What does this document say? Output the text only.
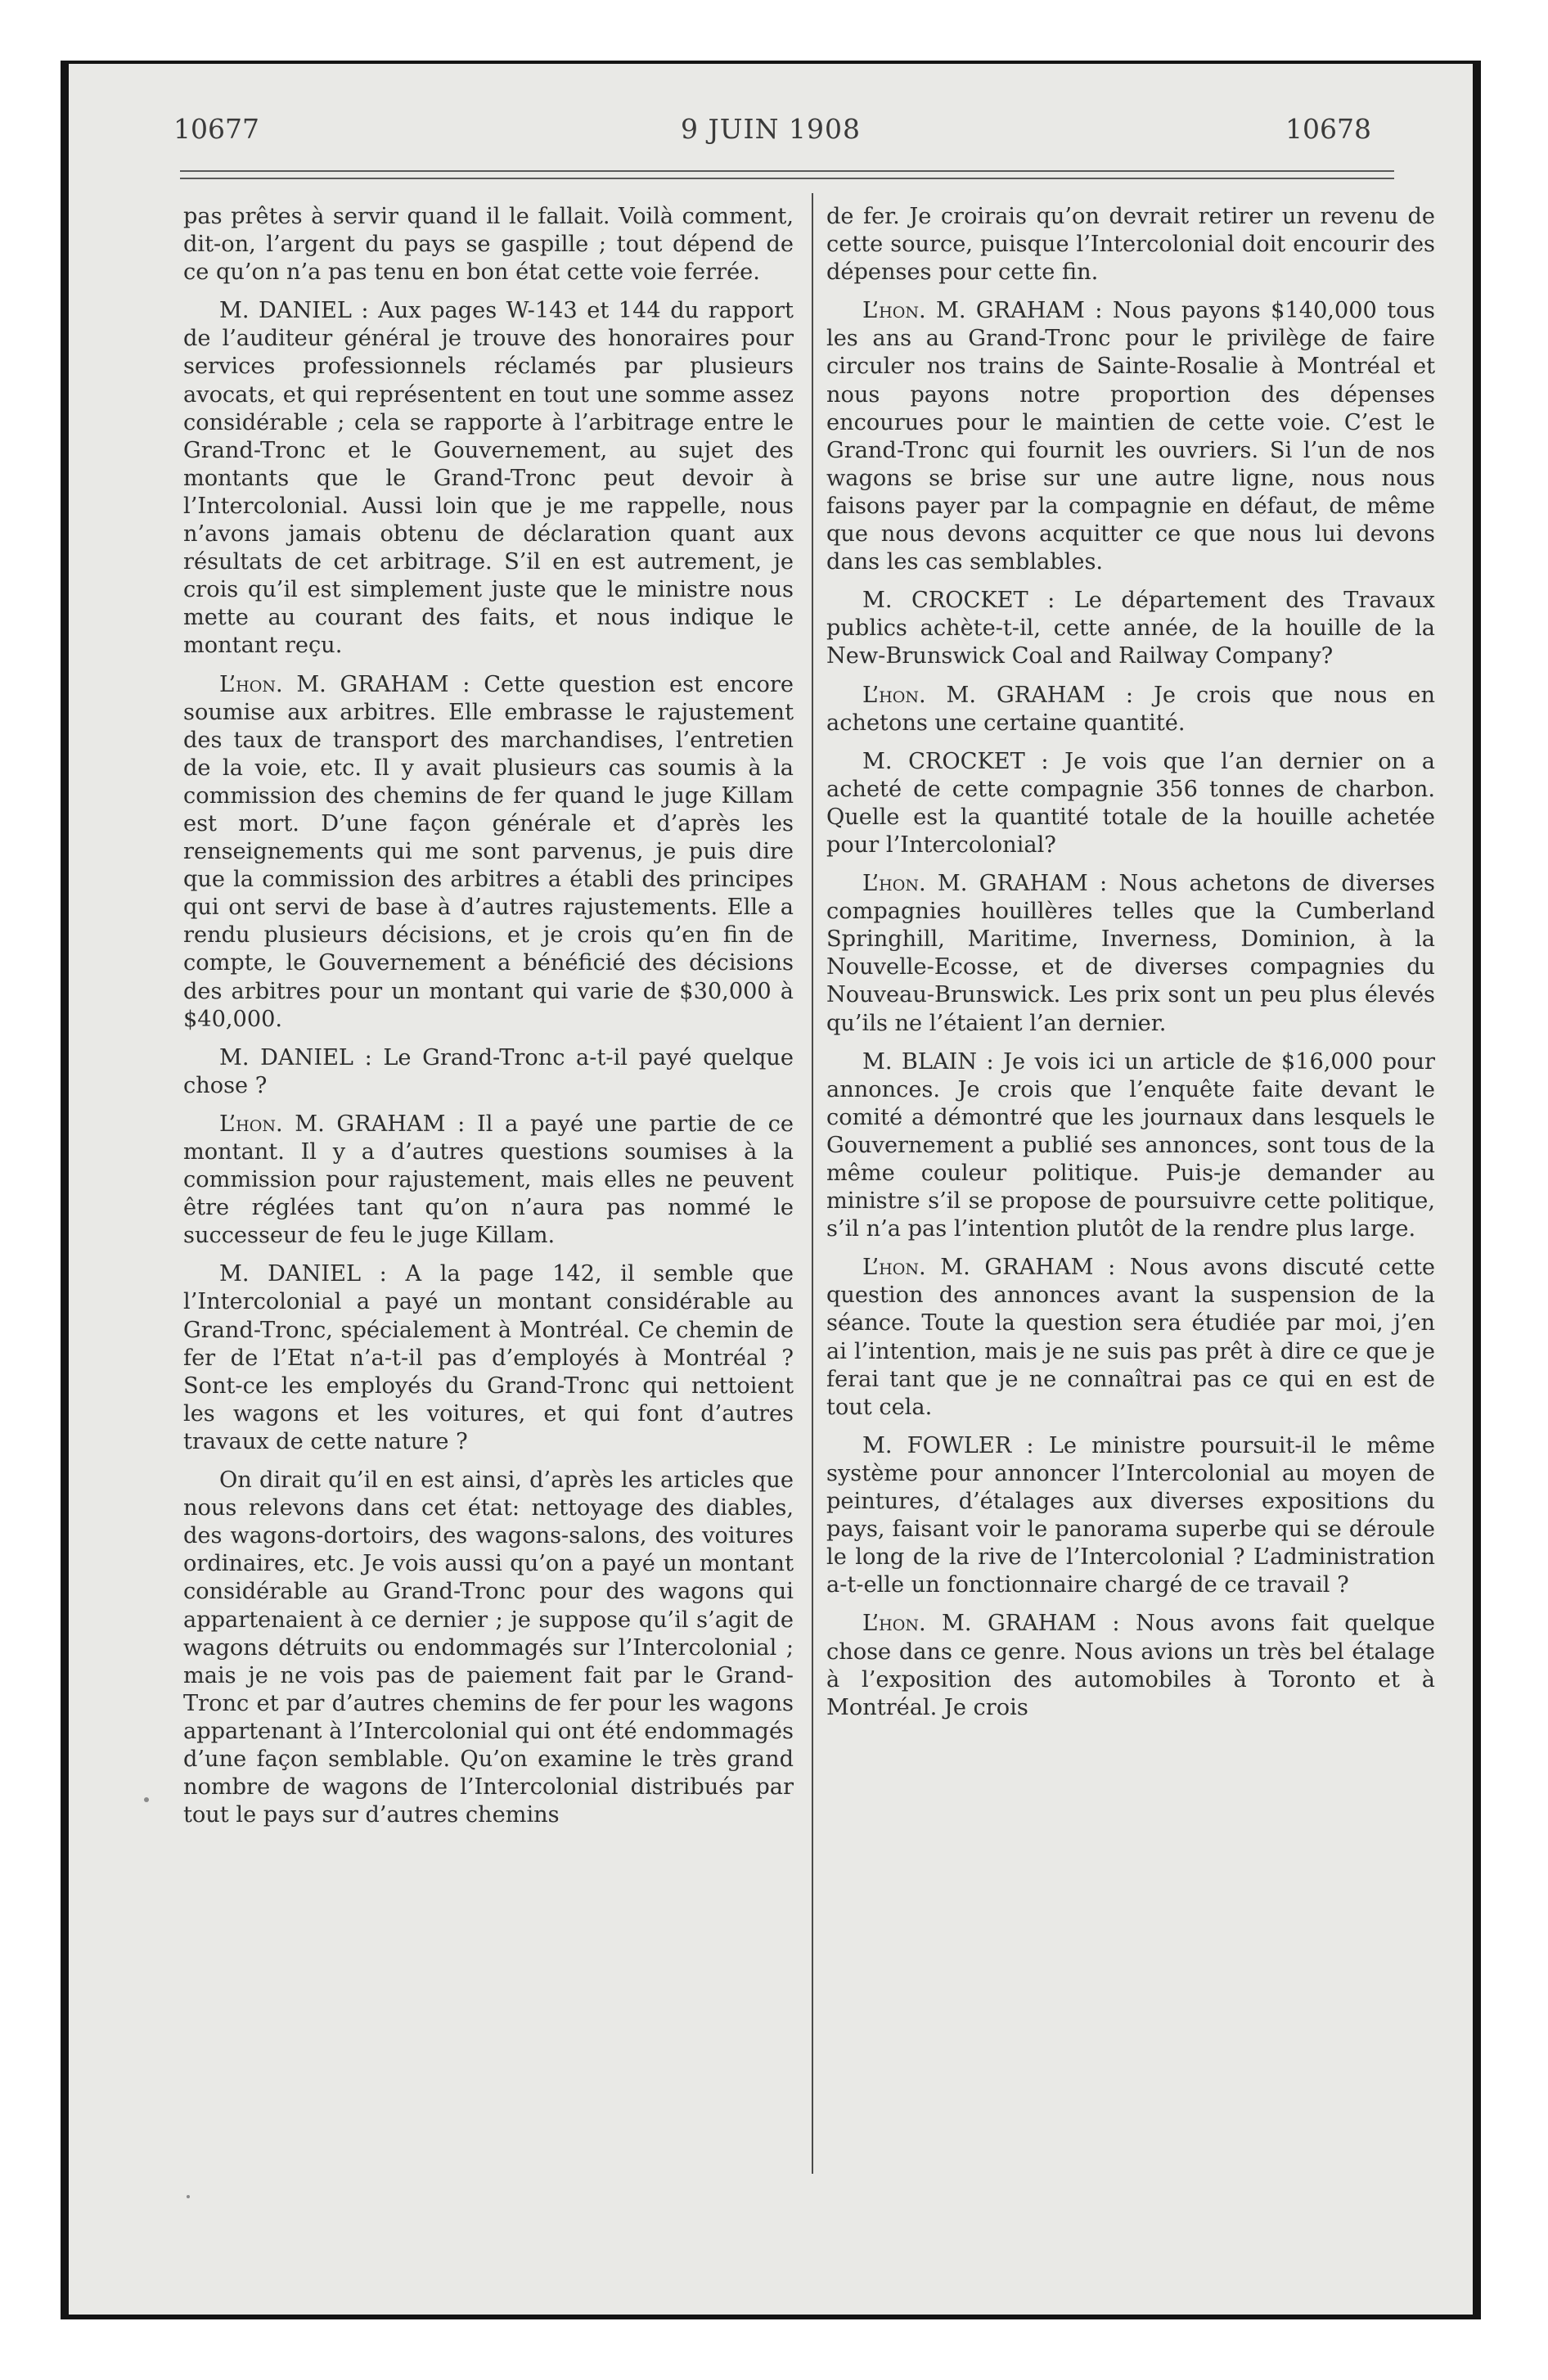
10677	9 JUIN 1908	10678

pas prêtes à servir quand il le fallait. Voilà comment, dit-on, l’argent du pays se gaspille ; tout dépend de ce qu’on n’a pas tenu en bon état cette voie ferrée.

M. DANIEL : Aux pages W-143 et 144 du rapport de l’auditeur général je trouve des honoraires pour services professionnels réclamés par plusieurs avocats, et qui représentent en tout une somme assez considérable ; cela se rapporte à l’arbitrage entre le Grand-Tronc et le Gouvernement, au sujet des montants que le Grand-Tronc peut devoir à l’Intercolonial. Aussi loin que je me rappelle, nous n’avons jamais obtenu de déclaration quant aux résultats de cet arbitrage. S’il en est autrement, je crois qu’il est simplement juste que le ministre nous mette au courant des faits, et nous indique le montant reçu.

L’hon. M. GRAHAM : Cette question est encore soumise aux arbitres. Elle embrasse le rajustement des taux de transport des marchandises, l’entretien de la voie, etc. Il y avait plusieurs cas soumis à la commission des chemins de fer quand le juge Killam est mort. D’une façon générale et d’après les renseignements qui me sont parvenus, je puis dire que la commission des arbitres a établi des principes qui ont servi de base à d’autres rajustements. Elle a rendu plusieurs décisions, et je crois qu’en fin de compte, le Gouvernement a bénéficié des décisions des arbitres pour un montant qui varie de $30,000 à $40,000.

M. DANIEL : Le Grand-Tronc a-t-il payé quelque chose ?

L’hon. M. GRAHAM : Il a payé une partie de ce montant. Il y a d’autres questions soumises à la commission pour rajustement, mais elles ne peuvent être réglées tant qu’on n’aura pas nommé le successeur de feu le juge Killam.

M. DANIEL : A la page 142, il semble que l’Intercolonial a payé un montant considérable au Grand-Tronc, spécialement à Montréal. Ce chemin de fer de l’Etat n’a-t-il pas d’employés à Montréal ? Sont-ce les employés du Grand-Tronc qui nettoient les wagons et les voitures, et qui font d’autres travaux de cette nature ?

On dirait qu’il en est ainsi, d’après les articles que nous relevons dans cet état: nettoyage des diables, des wagons-dortoirs, des wagons-salons, des voitures ordinaires, etc. Je vois aussi qu’on a payé un montant considérable au Grand-Tronc pour des wagons qui appartenaient à ce dernier ; je suppose qu’il s’agit de wagons détruits ou endommagés sur l’Intercolonial ; mais je ne vois pas de paiement fait par le Grand-Tronc et par d’autres chemins de fer pour les wagons appartenant à l’Intercolonial qui ont été endommagés d’une façon semblable. Qu’on examine le très grand nombre de wagons de l’Intercolonial distribués par tout le pays sur d’autres chemins

de fer. Je croirais qu’on devrait retirer un revenu de cette source, puisque l’Intercolonial doit encourir des dépenses pour cette fin.

L’hon. M. GRAHAM : Nous payons $140,000 tous les ans au Grand-Tronc pour le privilège de faire circuler nos trains de Sainte-Rosalie à Montréal et nous payons notre proportion des dépenses encourues pour le maintien de cette voie. C’est le Grand-Tronc qui fournit les ouvriers. Si l’un de nos wagons se brise sur une autre ligne, nous nous faisons payer par la compagnie en défaut, de même que nous devons acquitter ce que nous lui devons dans les cas semblables.

M. CROCKET : Le département des Travaux publics achète-t-il, cette année, de la houille de la New-Brunswick Coal and Railway Company?

L’hon. M. GRAHAM : Je crois que nous en achetons une certaine quantité.

M. CROCKET : Je vois que l’an dernier on a acheté de cette compagnie 356 tonnes de charbon. Quelle est la quantité totale de la houille achetée pour l’Intercolonial?

L’hon. M. GRAHAM : Nous achetons de diverses compagnies houillères telles que la Cumberland Springhill, Maritime, Inverness, Dominion, à la Nouvelle-Ecosse, et de diverses compagnies du Nouveau-Brunswick. Les prix sont un peu plus élevés qu’ils ne l’étaient l’an dernier.

M. BLAIN : Je vois ici un article de $16,000 pour annonces. Je crois que l’enquête faite devant le comité a démontré que les journaux dans lesquels le Gouvernement a publié ses annonces, sont tous de la même couleur politique. Puis-je demander au ministre s’il se propose de poursuivre cette politique, s’il n’a pas l’intention plutôt de la rendre plus large.

L’hon. M. GRAHAM : Nous avons discuté cette question des annonces avant la suspension de la séance. Toute la question sera étudiée par moi, j’en ai l’intention, mais je ne suis pas prêt à dire ce que je ferai tant que je ne connaîtrai pas ce qui en est de tout cela.

M. FOWLER : Le ministre poursuit-il le même système pour annoncer l’Intercolonial au moyen de peintures, d’étalages aux diverses expositions du pays, faisant voir le panorama superbe qui se déroule le long de la rive de l’Intercolonial ? L’administration a-t-elle un fonctionnaire chargé de ce travail ?

L’hon. M. GRAHAM : Nous avons fait quelque chose dans ce genre. Nous avions un très bel étalage à l’exposition des automobiles à Toronto et à Montréal. Je crois
